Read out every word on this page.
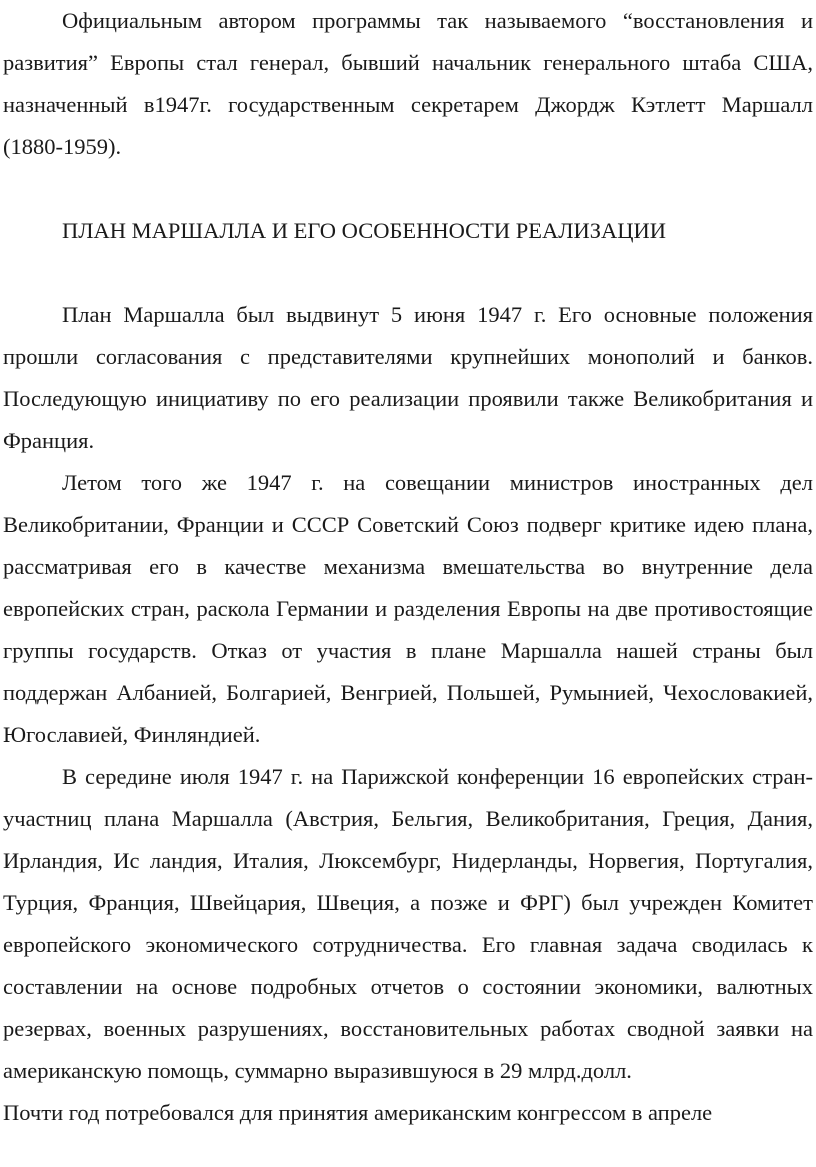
Официальным автором программы так называемого “восстановления и развития” Европы стал генерал, бывший начальник генерального штаба США, назначенный в1947г. государственным секретарем Джордж Кэтлетт Маршалл (1880-1959).

ПЛАН МАРШАЛЛА И ЕГО ОСОБЕННОСТИ РЕАЛИЗАЦИИ

План Маршалла был выдвинут 5 июня 1947 г. Его основные положения прошли согласования с представителями крупнейших монополий и банков. Последующую инициативу по его реализации проявили также Великобритания и Франция.

Летом того же 1947 г. на совещании министров иностранных дел Великобритании, Франции и СССР Советский Союз подверг критике идею плана, рассматривая его в качестве механизма вмешательства во внутренние дела европейских стран, раскола Германии и разделения Европы на две противостоящие группы государств. Отказ от участия в плане Маршалла нашей страны был поддержан Албанией, Болгарией, Венгрией, Польшей, Румынией, Чехословакией, Югославией, Финляндией.

В середине июля 1947 г. на Парижской конференции 16 европейских стран-участниц плана Маршалла (Австрия, Бельгия, Великобритания, Греция, Дания, Ирландия, Ис ландия, Италия, Люксембург, Нидерланды, Норвегия, Португалия, Турция, Франция, Швейцария, Швеция, а позже и ФРГ) был учрежден Комитет европейского экономического сотрудничества. Его главная задача сводилась к составлении на основе подробных отчетов о состоянии экономики, валютных резервах, военных разрушениях, восстановительных работах сводной заявки на американскую помощь, суммарно выразившуюся в 29 млрд.долл.

Почти год потребовался для принятия американским конгрессом в апреле
